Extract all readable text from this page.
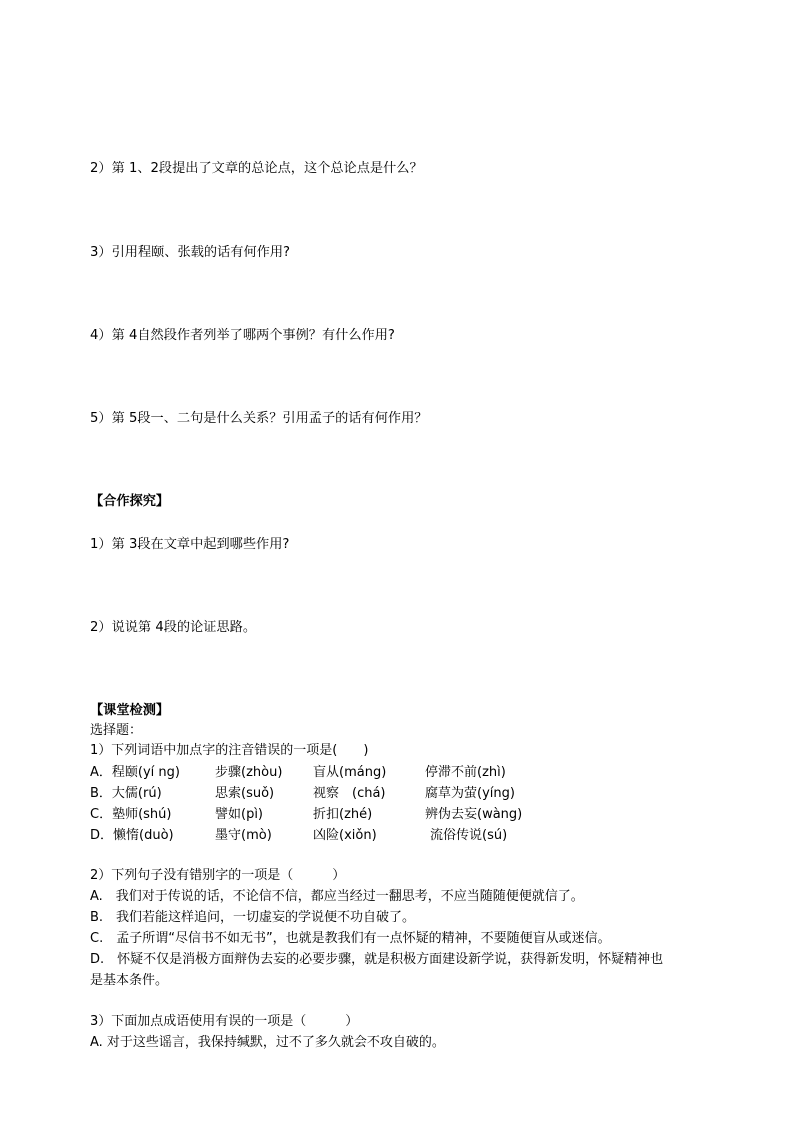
2）第 1、2段提出了文章的总论点，这个总论点是什么？
3）引用程颐、张载的话有何作用?
4）第 4自然段作者列举了哪两个事例？有什么作用?
5）第 5段一、二句是什么关系？引用孟子的话有何作用？
【合作探究】
1）第 3段在文章中起到哪些作用?
2）说说第 4段的论证思路。
【课堂检测】
选择题：
1）下列词语中加点字的注音错误的一项是(　　)
A．程颐(yí ng)	步骤(zhòu) 盲从(máng)	停滞不前(zhì)
B．大儒(rú)	思索(suǒ)	视察　(chá)	腐草为萤(yíng)
C．塾师(shú)	譬如(pì)	折扣(zhé)	辨伪去妄(wàng)
D．懒惰(duò)	墨守(mò)	凶险(xiǒn)	流俗传说(sú)
2）下列句子没有错别字的一项是（　　　）
A.　我们对于传说的话，不论信不信，都应当经过一翻思考，不应当随随便便就信了。
B.　我们若能这样追问，一切虚妄的学说便不功自破了。
C.　孟子所谓“尽信书不如无书”，也就是教我们有一点怀疑的精神，不要随便盲从或迷信。
D.　怀疑不仅是消极方面辩伪去妄的必要步骤，就是积极方面建设新学说，获得新发明，怀疑精神也
是基本条件。
3）下面加点成语使用有误的一项是（　　　）
A. 对于这些谣言，我保持缄默，过不了多久就会不攻自破的。
